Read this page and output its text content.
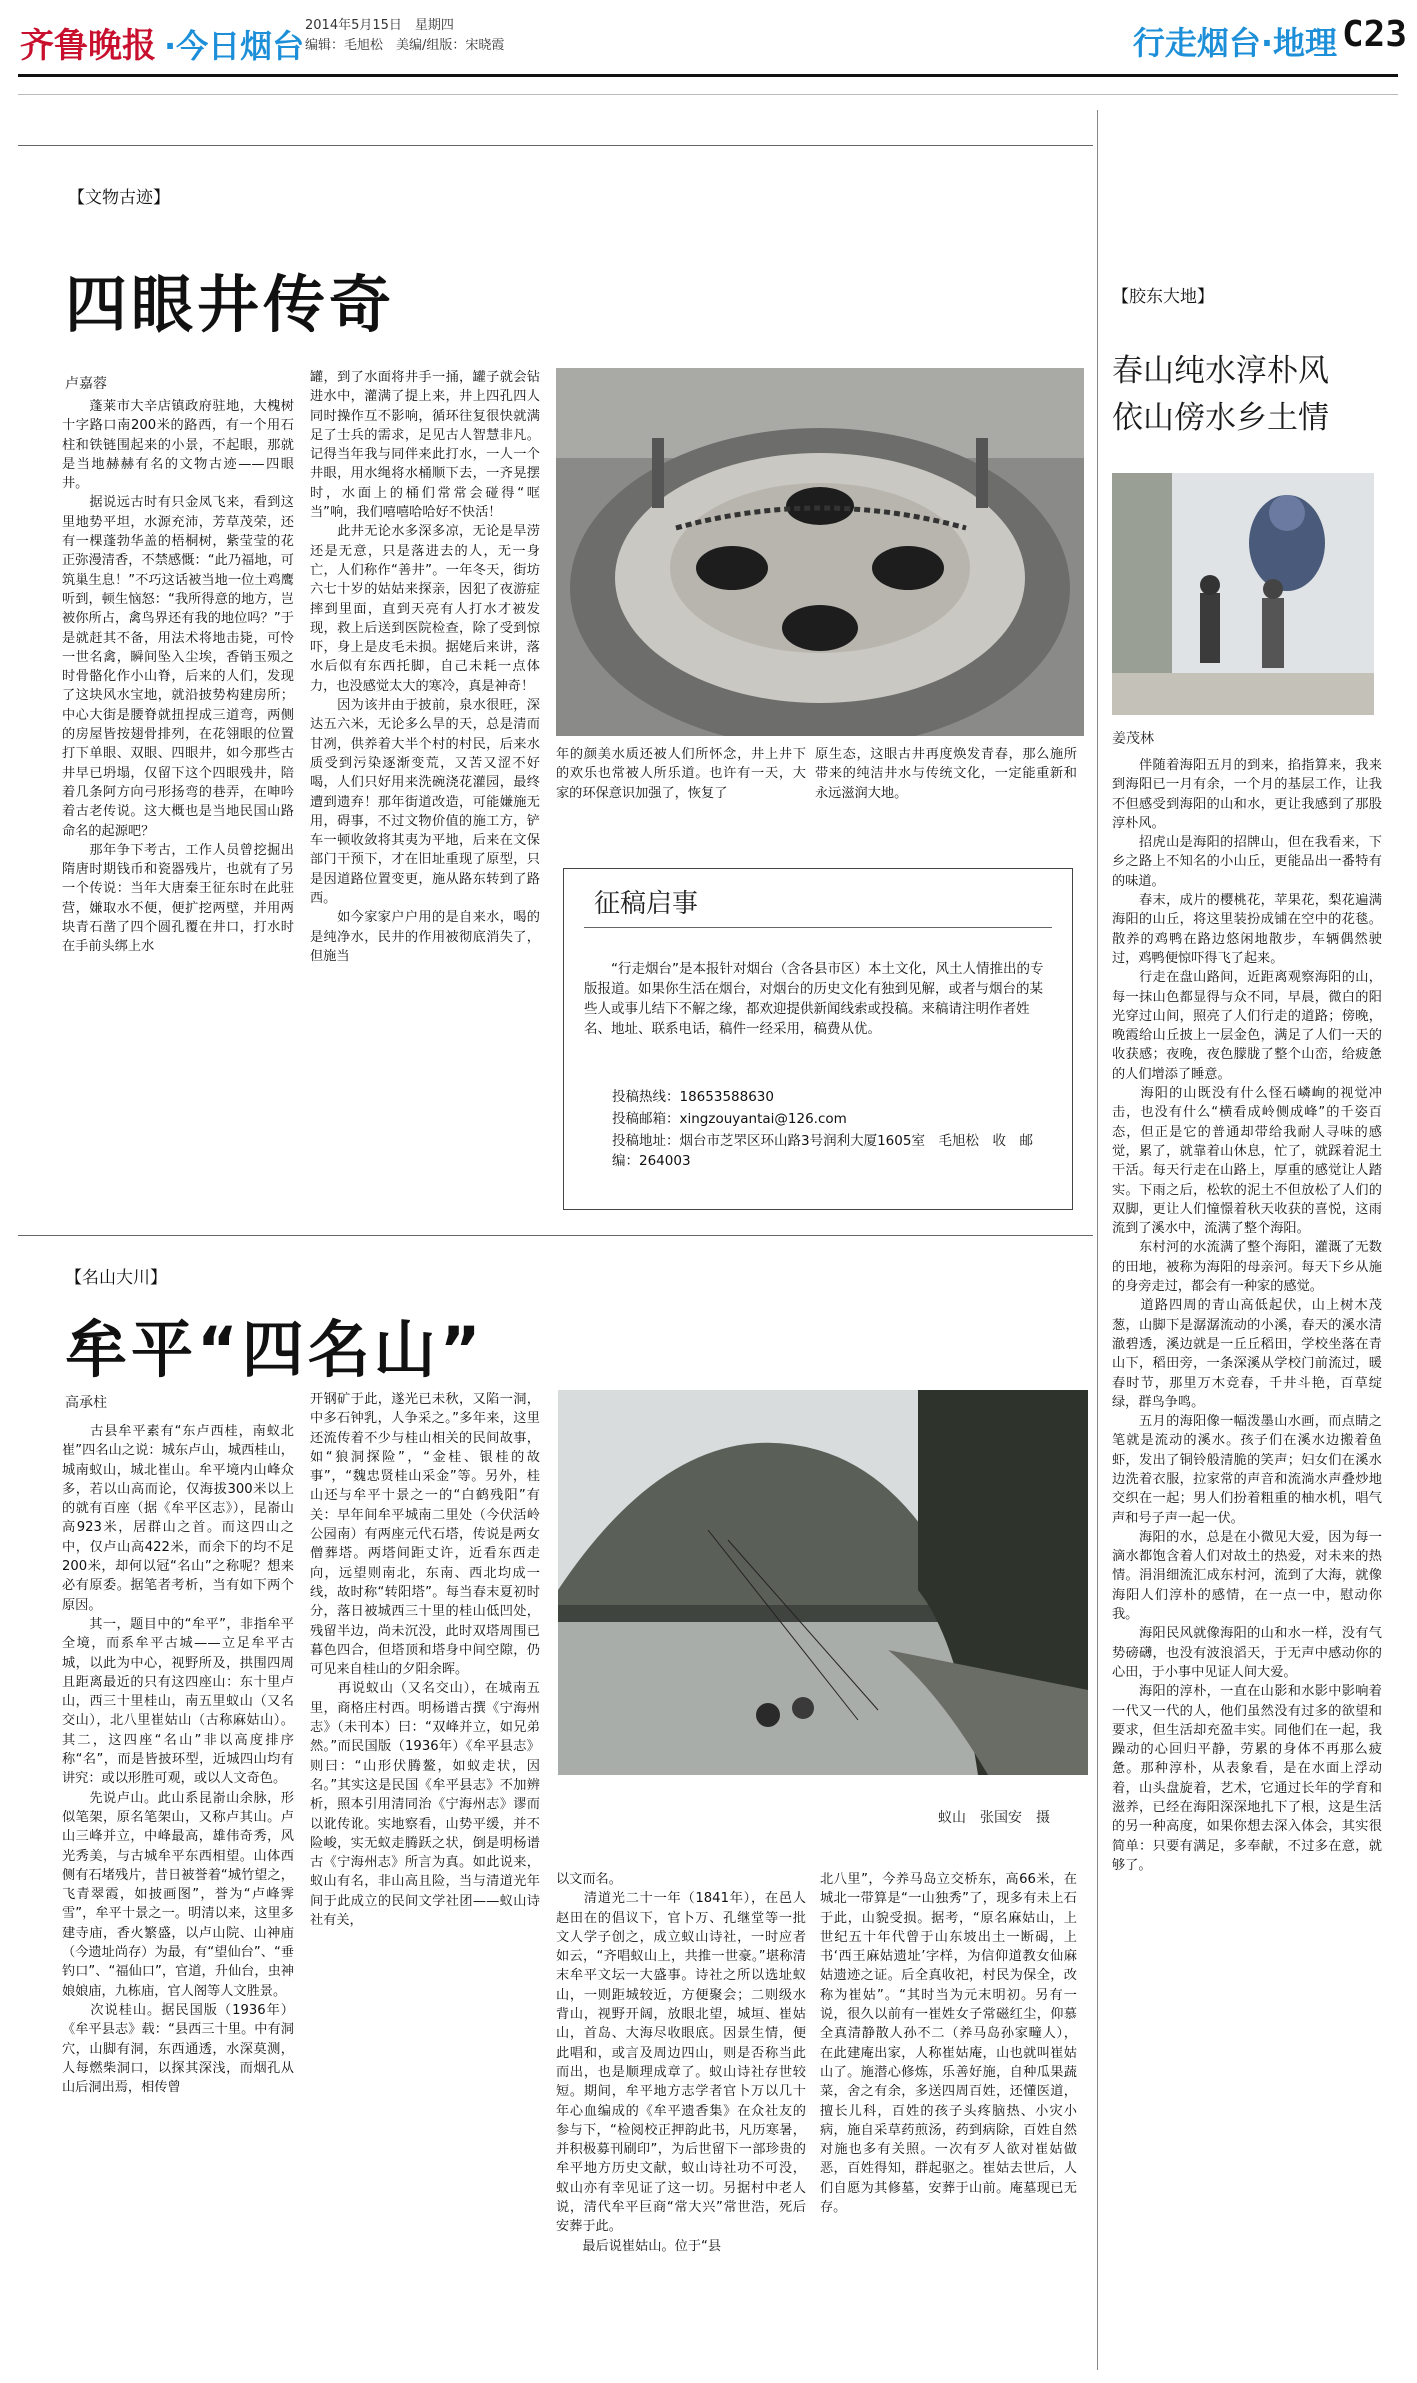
齐鲁晚报 ·今日烟台
2014年5月15日　星期四
编辑：毛旭松　美编/组版：宋晓霞	行走烟台·地理 C23
【文物古迹】
四眼井传奇
卢嘉蓉
　　蓬莱市大辛店镇政府驻地，大槐树十字路口南200米的路西，有一个用石柱和铁链围起来的小景，不起眼，那就是当地赫赫有名的文物古迹——四眼井。
　　据说远古时有只金凤飞来，看到这里地势平坦，水源充沛，芳草茂荣，还有一棵蓬勃华盖的梧桐树，紫莹莹的花正弥漫清香，不禁感慨：“此乃福地，可筑巢生息！”不巧这话被当地一位土鸡鹰听到，顿生恼怒：“我所得意的地方，岂被你所占，禽鸟界还有我的地位吗？”于是就赶其不备，用法术将地击毙，可怜一世名禽，瞬间坠入尘埃，香销玉殒之时骨骼化作小山脊，后来的人们，发现了这块风水宝地，就沿披势构建房所；中心大街是腰脊就扭捏成三道弯，两侧的房屋皆按翅骨排列，在花翎眼的位置打下单眼、双眼、四眼井，如今那些古井早已坍塌，仅留下这个四眼残井，陪着几条阿方向弓形扬弯的巷弄，在呻吟着古老传说。这大概也是当地民国山路命名的起源吧？
　　那年争下考古，工作人员曾挖掘出隋唐时期钱币和瓷器残片，也就有了另一个传说：当年大唐秦王征东时在此驻营，嫌取水不便，便扩挖两壁，并用两块青石凿了四个圆孔覆在井口，打水时在手前头绑上水
罐，到了水面将井手一捅，罐子就会钻进水中，灌满了提上来，井上四孔四人同时操作互不影响，循环往复很快就满足了士兵的需求，足见古人智慧非凡。记得当年我与同伴来此打水，一人一个井眼，用水绳将水桶顺下去，一齐晃摆时，水面上的桶们常常会碰得“哐当”响，我们嘻嘻哈哈好不快活！
　　此井无论水多深多凉，无论是旱涝还是无意，只是落进去的人，无一身亡，人们称作“善井”。一年冬天，街坊六七十岁的姑姑来探亲，因犯了夜游症摔到里面，直到天亮有人打水才被发现，救上后送到医院检查，除了受到惊吓，身上是皮毛未损。据姥后来讲，落水后似有东西托脚，自己未耗一点体力，也没感觉太大的寒冷，真是神奇！
　　因为该井由于披前，泉水很旺，深达五六米，无论多么旱的天，总是清而甘冽，供养着大半个村的村民，后来水质受到污染逐渐变荒，又苦又涩不好喝，人们只好用来洗碗浇花灌园，最终遭到遗弃！那年街道改造，可能嫌施无用，碍事，不过文物价值的施工方，铲车一顿收敛将其夷为平地，后来在文保部门干预下，才在旧址重现了原型，只是因道路位置变更，施从路东转到了路西。
　　如今家家户户用的是自来水，喝的是纯净水，民井的作用被彻底消失了，但施当
年的颜美水质还被人们所怀念，井上井下的欢乐也常被人所乐道。也许有一天，大家的环保意识加强了，恢复了
原生态，这眼古井再度焕发青春，那么施所带来的纯洁井水与传统文化，一定能重新和永远滋润大地。
征稿启事
　　“行走烟台”是本报针对烟台（含各县市区）本土文化，风土人情推出的专版报道。如果你生活在烟台，对烟台的历史文化有独到见解，或者与烟台的某些人或事儿结下不解之缘，都欢迎提供新闻线索或投稿。来稿请注明作者姓名、地址、联系电话，稿件一经采用，稿费从优。
投稿热线：18653588630
投稿邮箱：xingzouyantai@126.com
投稿地址：烟台市芝罘区环山路3号润利大厦1605室　毛旭松　收　邮编：264003
【名山大川】
牟平“四名山”
高承柱
　　古县牟平素有“东卢西桂，南蚁北崔”四名山之说：城东卢山，城西桂山，城南蚁山，城北崔山。牟平境内山峰众多，若以山高而论，仅海拔300米以上的就有百座（据《牟平区志》），昆嵛山高923米，居群山之首。而这四山之中，仅卢山高422米，而余下的均不足200米，却何以冠“名山”之称呢？想来必有原委。据笔者考析，当有如下两个原因。
　　其一，题目中的“牟平”，非指牟平全境，而系牟平古城——立足牟平古城，以此为中心，视野所及，拱围四周且距离最近的只有这四座山：东十里卢山，西三十里桂山，南五里蚁山（又名交山），北八里崔姑山（古称麻姑山）。其二，这四座“名山”非以高度排序称“名”，而是皆披环型，近城四山均有讲究：或以形胜可观，或以人文奇色。
　　先说卢山。此山系昆嵛山余脉，形似笔架，原名笔架山，又称卢其山。卢山三峰并立，中峰最高，雄伟奇秀，风光秀美，与古城牟平东西相望。山体西侧有石堵残片，昔日被誉着“城竹望之，飞青翠霞，如披画图”，誉为“卢峰霁雪”，牟平十景之一。明清以来，这里多建寺庙，香火繁盛，以卢山院、山神庙（今遗址尚存）为最，有“望仙台”、“垂钓口”、“福仙口”，官道，升仙台，虫神娘娘庙，九栋庙，官人阁等人文胜景。
　　次说桂山。据民国版（1936年）《牟平县志》载：“县西三十里。中有洞穴，山脚有洞，东西通透，水深莫测，人每燃柴洞口，以探其深浅，而烟孔从山后洞出焉，相传曾
开钢矿于此，遂光已未秋，又陷一洞，中多石钟乳，人争采之。”多年来，这里还流传着不少与桂山相关的民间故事，如“狼洞探险”，“金桂、银桂的故事”，“魏忠贤桂山采金”等。另外，桂山还与牟平十景之一的“白鹤残阳”有关：早年间牟平城南二里处（今伏活岭公园南）有两座元代石塔，传说是两女僧葬塔。两塔间距丈许，近看东西走向，远望则南北，东南、西北均成一线，故时称“转阳塔”。每当春末夏初时分，落日被城西三十里的桂山低凹处，残留半边，尚未沉没，此时双塔周围已暮色四合，但塔顶和塔身中间空隙，仍可见来自桂山的夕阳余晖。
　　再说蚁山（又名交山），在城南五里，商格庄村西。明杨谱古撰《宁海州志》（未刊本）曰：“双峰并立，如兄弟然。”而民国版（1936年）《牟平县志》则曰：“山形伏腾鳌，如蚁走状，因名。”其实这是民国《牟平县志》不加辨析，照本引用清同治《宁海州志》谬而以讹传讹。实地察看，山势平缓，并不险峻，实无蚁走腾跃之状，倒是明杨谱古《宁海州志》所言为真。如此说来，蚁山有名，非山高且险，当与清道光年间于此成立的民间文学社团——蚁山诗社有关，
蚁山　张国安　摄
以文而名。
　　清道光二十一年（1841年），在邑人赵田在的倡议下，官卜万、孔继堂等一批文人学子创之，成立蚁山诗社，一时应者如云，“齐唱蚁山上，共推一世豪。”堪称清末牟平文坛一大盛事。诗社之所以选址蚁山，一则距城较近，方便聚会；二则级水背山，视野开阔，放眼北望，城垣、崔姑山，首岛、大海尽收眼底。因景生情，便此唱和，或言及周边四山，则是否称当此而出，也是顺理成章了。蚁山诗社存世较短。期间，牟平地方志学者官卜万以几十年心血编成的《牟平遗香集》在众社友的参与下，“检阅校正押韵此书，凡历寒暑，并积极募刊刷印”，为后世留下一部珍贵的牟平地方历史文献，蚁山诗社功不可没，蚁山亦有幸见证了这一切。另据村中老人说，清代牟平巨商“常大兴”常世浩，死后安葬于此。
　　最后说崔姑山。位于“县
北八里”，今养马岛立交桥东，高66米，在城北一带算是“一山独秀”了，现多有未上石于此，山貌受损。据考，“原名麻姑山，上世纪五十年代曾于山东坡出土一断碣，上书‘西王麻姑遗址’字样，为信仰道教女仙麻姑遗迹之证。后全真收祀，村民为保全，改称为崔姑”。“其时当为元末明初。另有一说，很久以前有一崔姓女子常磁红尘，仰慕全真清静散人孙不二（养马岛孙家疃人），在此建庵出家，人称崔姑庵，山也就叫崔姑山了。施潜心修炼，乐善好施，自种瓜果蔬菜，舍之有余，多送四周百姓，还懂医道，擅长儿科，百姓的孩子头疼脑热、小灾小病，施自采草药煎汤，药到病除，百姓自然对施也多有关照。一次有歹人欲对崔姑做恶，百姓得知，群起驱之。崔姑去世后，人们自愿为其修墓，安葬于山前。庵墓现已无存。
【胶东大地】
春山纯水淳朴风
依山傍水乡土情
姜茂林
　　伴随着海阳五月的到来，掐指算来，我来到海阳已一月有余，一个月的基层工作，让我不但感受到海阳的山和水，更让我感到了那股淳朴风。
　　招虎山是海阳的招牌山，但在我看来，下乡之路上不知名的小山丘，更能品出一番特有的味道。
　　春末，成片的樱桃花，苹果花，梨花遍满海阳的山丘，将这里装扮成铺在空中的花毯。散养的鸡鸭在路边悠闲地散步，车辆偶然驶过，鸡鸭便惊吓得飞了起来。
　　行走在盘山路间，近距离观察海阳的山，每一抹山色都显得与众不同，早晨，微白的阳光穿过山间，照亮了人们行走的道路；傍晚，晚霞给山丘披上一层金色，满足了人们一天的收获感；夜晚，夜色朦胧了整个山峦，给疲惫的人们增添了睡意。
　　海阳的山既没有什么怪石嶙峋的视觉冲击，也没有什么“横看成岭侧成峰”的千姿百态，但正是它的普通却带给我耐人寻味的感觉，累了，就靠着山休息，忙了，就踩着泥土干活。每天行走在山路上，厚重的感觉让人踏实。下雨之后，松软的泥土不但放松了人们的双脚，更让人们憧憬着秋天收获的喜悦，这雨流到了溪水中，流满了整个海阳。
　　东村河的水流满了整个海阳，灌溉了无数的田地，被称为海阳的母亲河。每天下乡从施的身旁走过，都会有一种家的感觉。
　　道路四周的青山高低起伏，山上树木茂葱，山脚下是潺潺流动的小溪，春天的溪水清澈碧透，溪边就是一丘丘稻田，学校坐落在青山下，稻田旁，一条深溪从学校门前流过，暖春时节，那里万木竞春，千井斗艳，百草绽绿，群鸟争鸣。
　　五月的海阳像一幅泼墨山水画，而点睛之笔就是流动的溪水。孩子们在溪水边搬着鱼虾，发出了铜铃般清脆的笑声；妇女们在溪水边洗着衣服，拉家常的声音和流淌水声叠炒地交织在一起；男人们扮着粗重的柚水机，唱气声和号子声一起一伏。
　　海阳的水，总是在小微见大爱，因为每一滴水都饱含着人们对故土的热爱，对未来的热情。涓涓细流汇成东村河，流到了大海，就像海阳人们淳朴的感情，在一点一中，慰动你我。
　　海阳民风就像海阳的山和水一样，没有气势磅礴，也没有波浪滔天，于无声中感动你的心田，于小事中见证人间大爱。
　　海阳的淳朴，一直在山影和水影中影响着一代又一代的人，他们虽然没有过多的欲望和要求，但生活却充盈丰实。同他们在一起，我躁动的心回归平静，劳累的身体不再那么疲惫。那种淳朴，从表象看，是在水面上浮动着，山头盘旋着，艺术，它通过长年的学育和滋养，已经在海阳深深地扎下了根，这是生活的另一种高度，如果你想去深入体会，其实很简单：只要有满足，多奉献，不过多在意，就够了。
